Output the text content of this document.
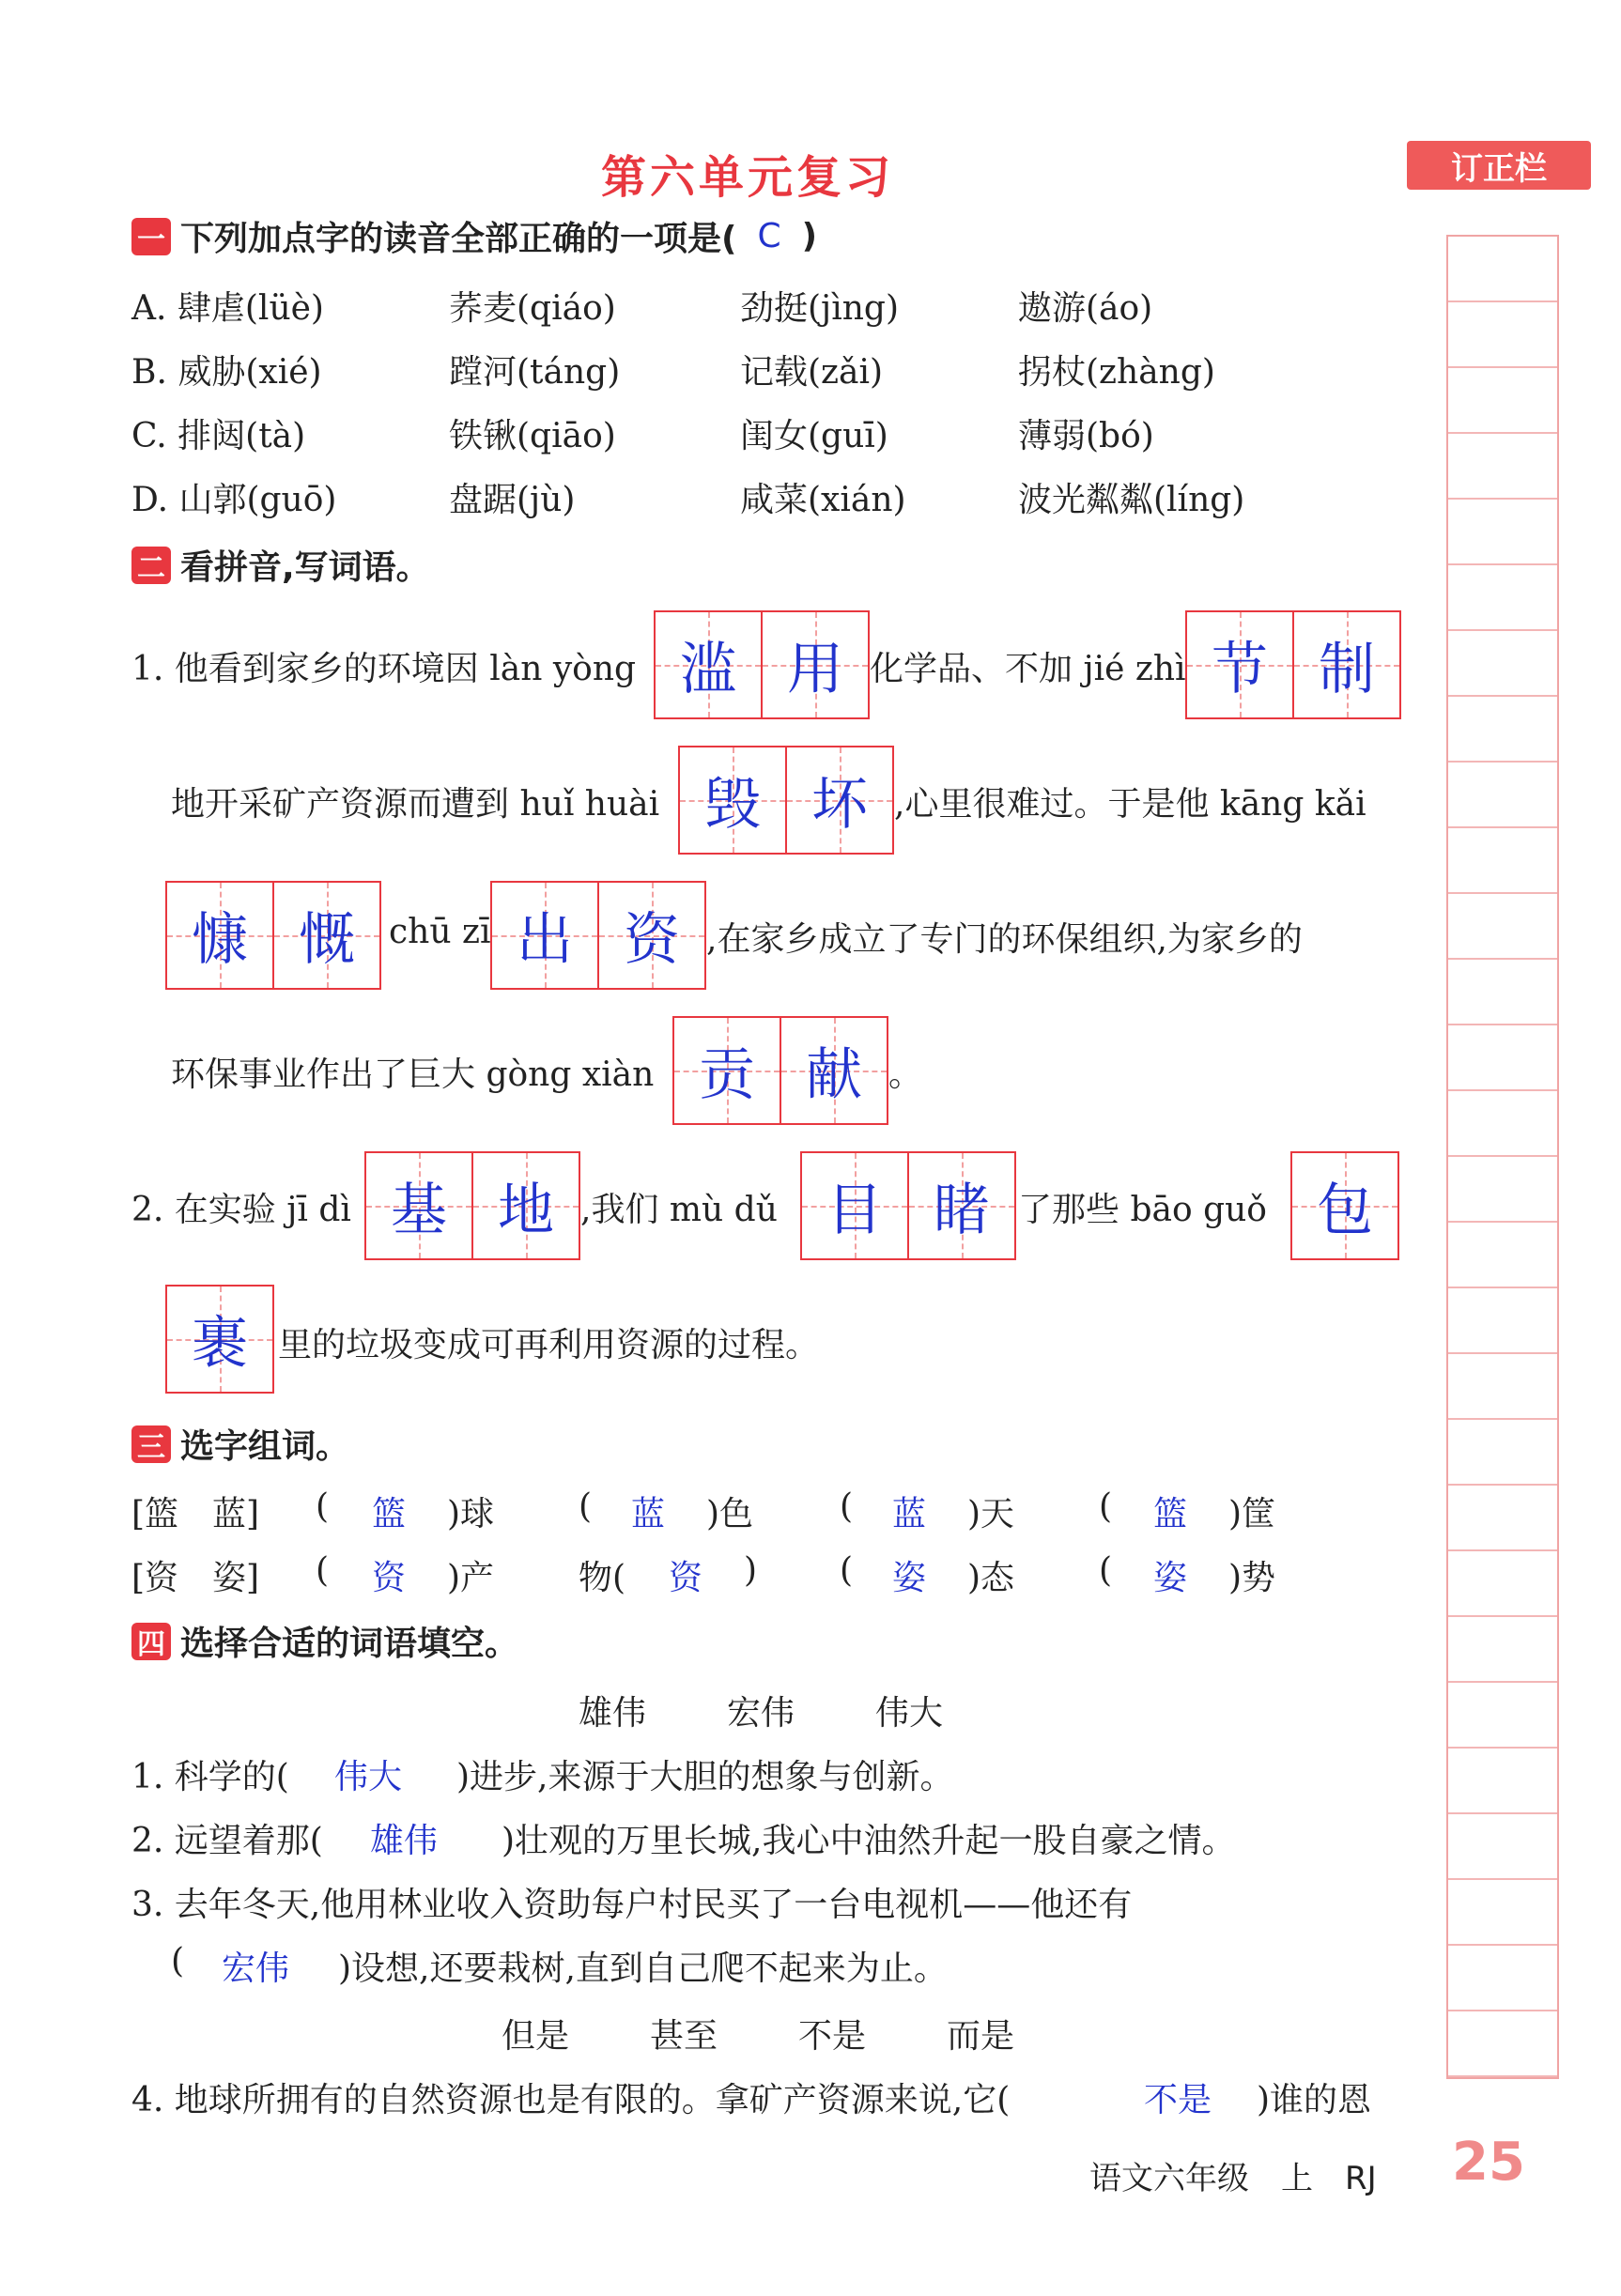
第六单元复习	订正栏
一 下列加点字的读音全部正确的一项是( C )
A. 肆虐(lüè)	荞麦(qiáo)	劲挺(jìng)	遨游(áo)
B. 威胁(xié)	蹚河(táng)	记载(zǎi)	拐杖(zhàng)
C. 排闼(tà)	铁锹(qiāo)	闺女(guī)	薄弱(bó)
D. 山郭(guō)	盘踞(jù)	咸菜(xián)	波光粼粼(líng)
二 看拼音,写词语。
1. 他看到家乡的环境因 làn yòng 滥 用 化学品、不加 jié zhì 节 制
地开采矿产资源而遭到 huǐ huài 毁 坏 ,心里很难过。于是他 kāng kǎi
慷 慨 chū zī 出 资 ,在家乡成立了专门的环保组织,为家乡的
环保事业作出了巨大 gòng xiàn 贡 献 。
2. 在实验 jī dì 基 地 ,我们 mù dǔ 目 睹 了那些 bāo guǒ 包
裹 里的垃圾变成可再利用资源的过程。
三 选字组词。
[篮　蓝] ( 篮 )球 ( 蓝 )色	( 蓝 )天 ( 篮 )筐
[资　姿] ( 资 )产 物( 资 ) ( 姿 )态 ( 姿 )势
四 选择合适的词语填空。
雄伟 宏伟 伟大
1. 科学的( 伟大 )进步,来源于大胆的想象与创新。
2. 远望着那( 雄伟 )壮观的万里长城,我心中油然升起一股自豪之情。
3. 去年冬天,他用林业收入资助每户村民买了一台电视机——他还有
( 宏伟 )设想,还要栽树,直到自己爬不起来为止。
但是 甚至 不是 而是
4. 地球所拥有的自然资源也是有限的。拿矿产资源来说,它(	不是 )谁的恩
语文六年级　上　RJ 25
